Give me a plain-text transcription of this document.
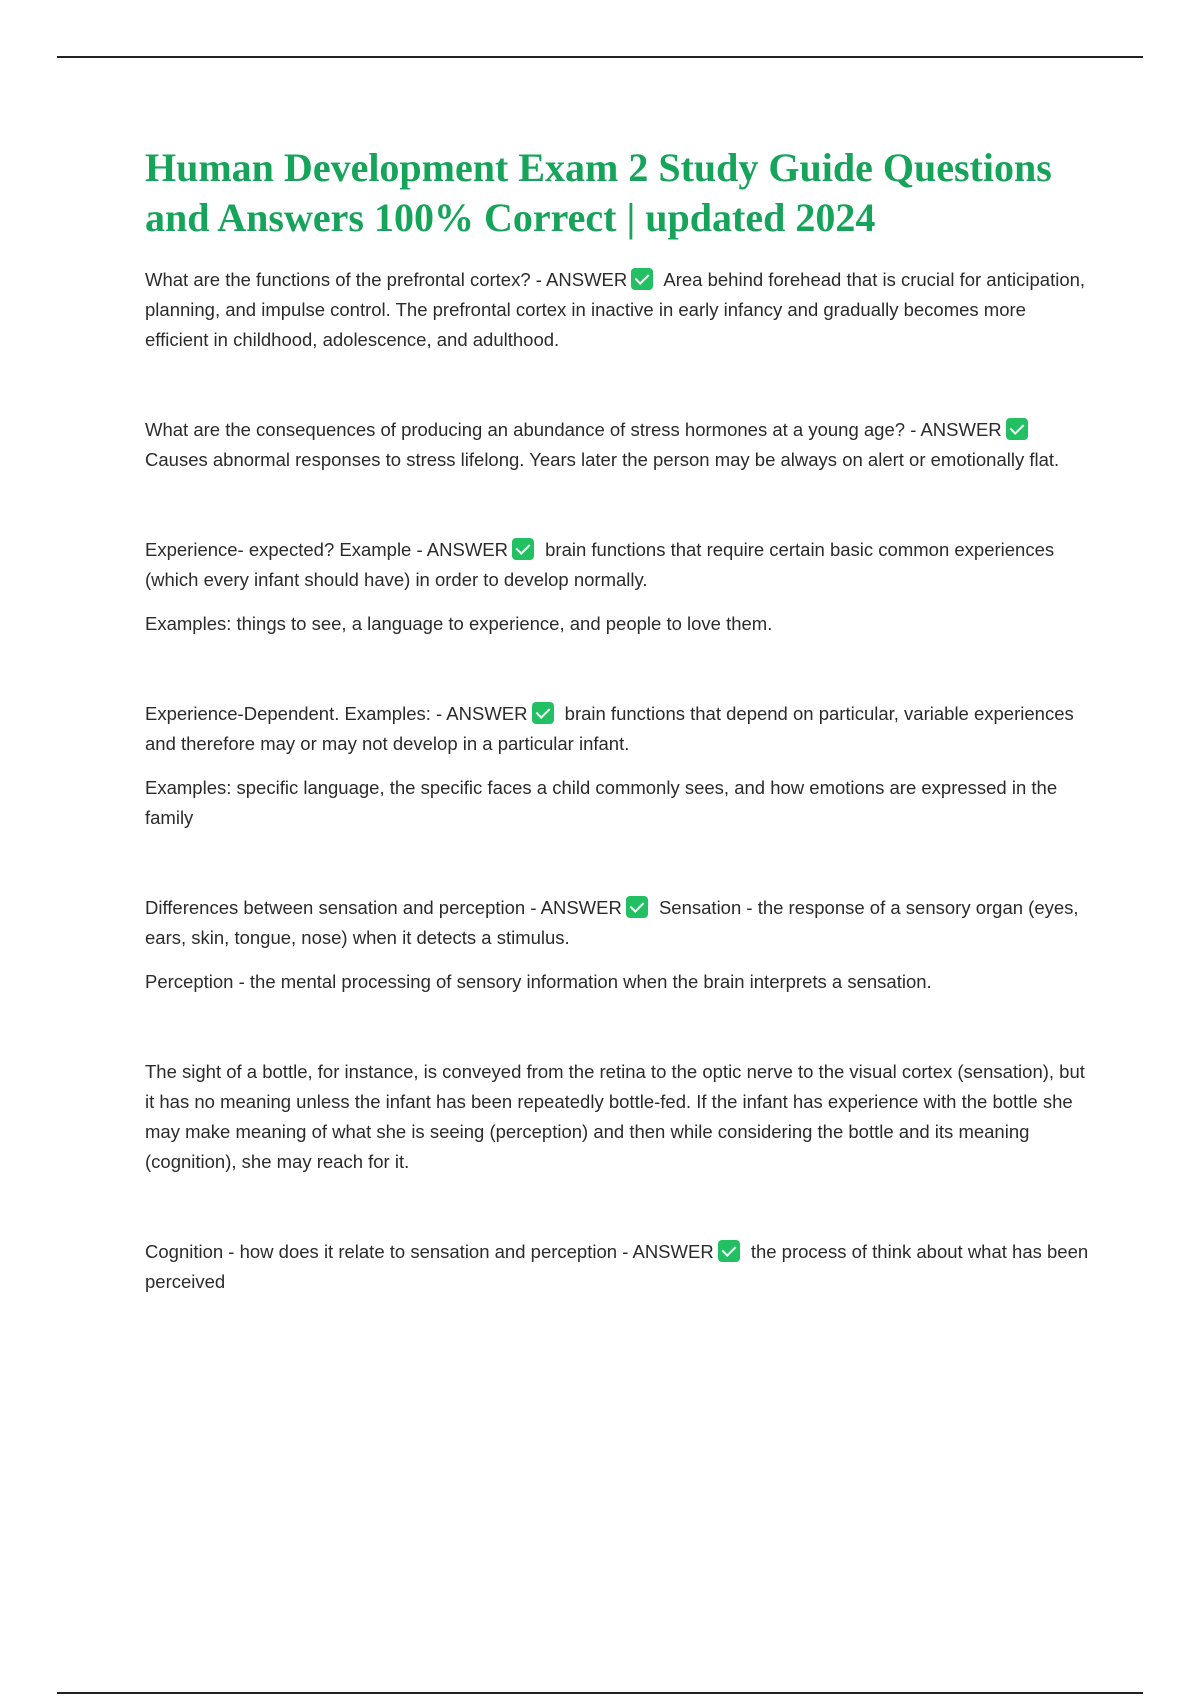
Human Development Exam 2 Study Guide Questions and Answers 100% Correct | updated 2024

What are the functions of the prefrontal cortex? - ANSWER Area behind forehead that is crucial for anticipation, planning, and impulse control. The prefrontal cortex in inactive in early infancy and gradually becomes more efficient in childhood, adolescence, and adulthood.

What are the consequences of producing an abundance of stress hormones at a young age? - ANSWER Causes abnormal responses to stress lifelong. Years later the person may be always on alert or emotionally flat.

Experience- expected? Example - ANSWER brain functions that require certain basic common experiences (which every infant should have) in order to develop normally.

Examples: things to see, a language to experience, and people to love them.

Experience-Dependent. Examples: - ANSWER brain functions that depend on particular, variable experiences and therefore may or may not develop in a particular infant.

Examples: specific language, the specific faces a child commonly sees, and how emotions are expressed in the family

Differences between sensation and perception - ANSWER Sensation - the response of a sensory organ (eyes, ears, skin, tongue, nose) when it detects a stimulus.

Perception - the mental processing of sensory information when the brain interprets a sensation.

The sight of a bottle, for instance, is conveyed from the retina to the optic nerve to the visual cortex (sensation), but it has no meaning unless the infant has been repeatedly bottle-fed. If the infant has experience with the bottle she may make meaning of what she is seeing (perception) and then while considering the bottle and its meaning (cognition), she may reach for it.

Cognition - how does it relate to sensation and perception - ANSWER the process of think about what has been perceived
